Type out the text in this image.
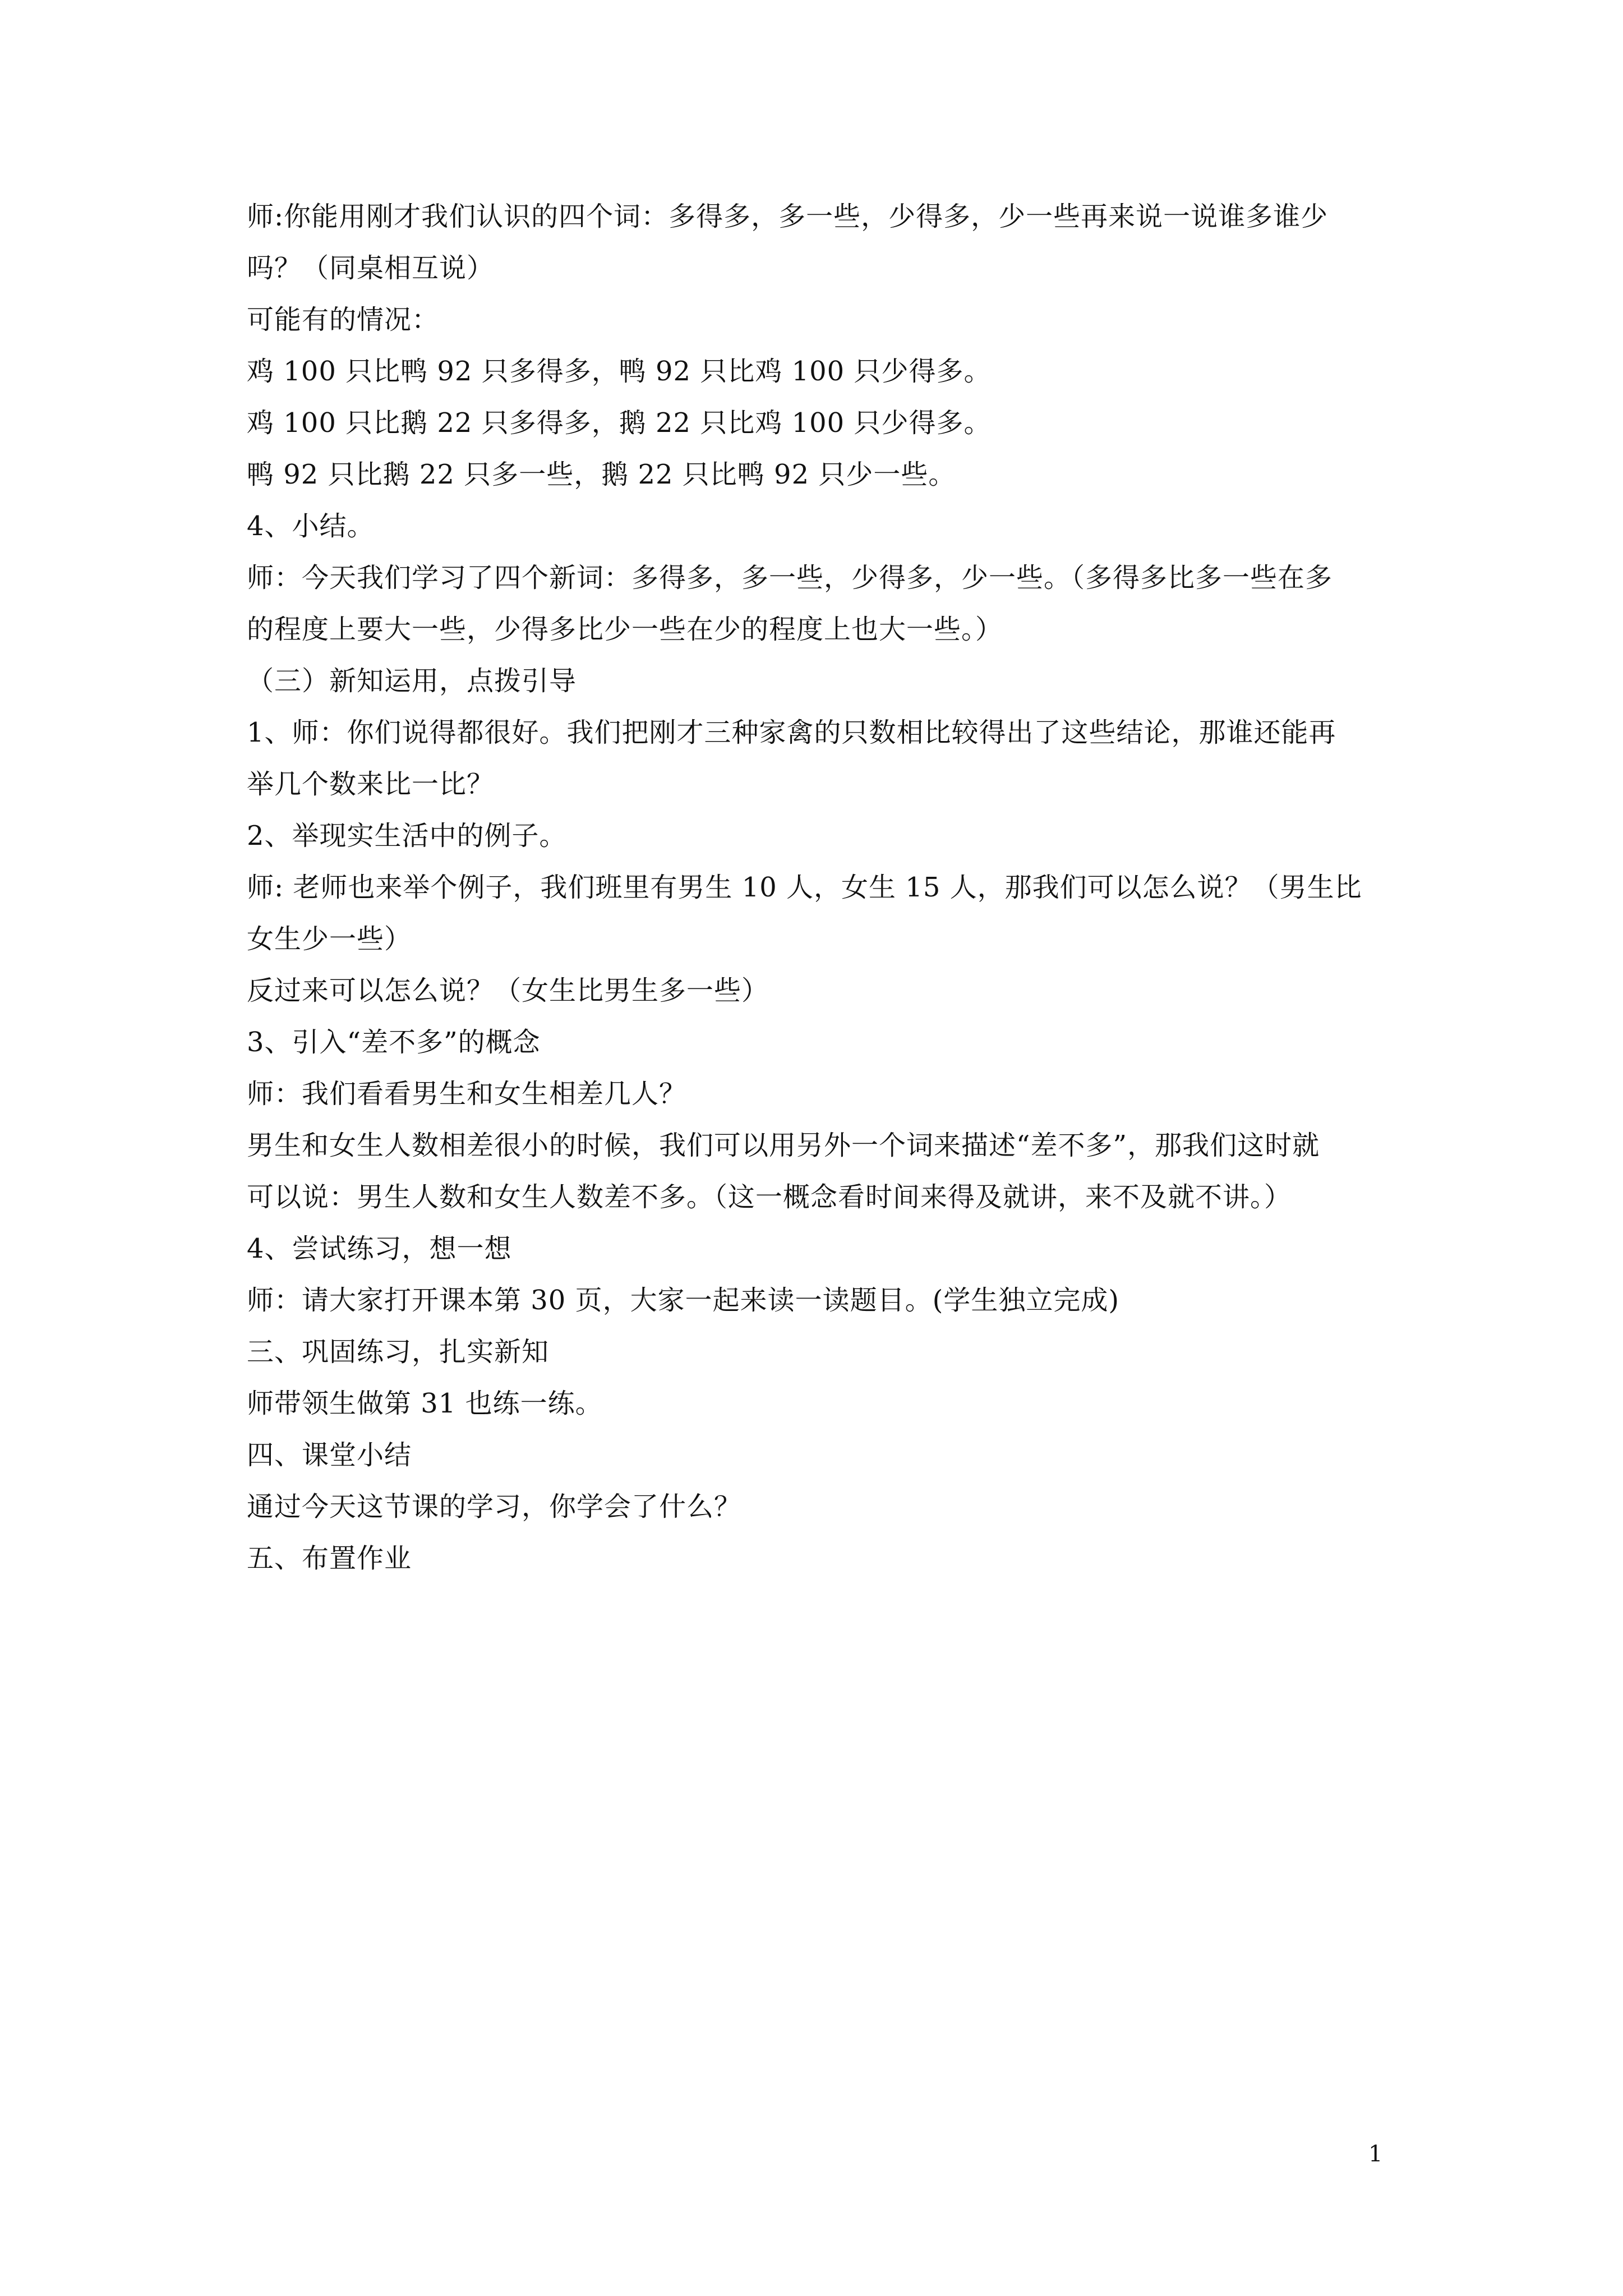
师:你能用刚才我们认识的四个词：多得多，多一些，少得多，少一些再来说一说谁多谁少
吗？（同桌相互说）
可能有的情况：
鸡 100 只比鸭 92 只多得多，鸭 92 只比鸡 100 只少得多。
鸡 100 只比鹅 22 只多得多，鹅 22 只比鸡 100 只少得多。
鸭 92 只比鹅 22 只多一些，鹅 22 只比鸭 92 只少一些。
4、小结。
师：今天我们学习了四个新词：多得多，多一些，少得多，少一些。（多得多比多一些在多
的程度上要大一些，少得多比少一些在少的程度上也大一些。）
（三）新知运用，点拨引导
1、师：你们说得都很好。我们把刚才三种家禽的只数相比较得出了这些结论，那谁还能再
举几个数来比一比？
2、举现实生活中的例子。
师: 老师也来举个例子，我们班里有男生 10 人，女生 15 人，那我们可以怎么说？（男生比
女生少一些）
反过来可以怎么说？（女生比男生多一些）
3、引入“差不多”的概念
师：我们看看男生和女生相差几人？
男生和女生人数相差很小的时候，我们可以用另外一个词来描述“差不多”，那我们这时就
可以说：男生人数和女生人数差不多。（这一概念看时间来得及就讲，来不及就不讲。）
4、尝试练习，想一想
师：请大家打开课本第 30 页，大家一起来读一读题目。(学生独立完成)
三、巩固练习，扎实新知
师带领生做第 31 也练一练。
四、课堂小结
通过今天这节课的学习，你学会了什么？
五、布置作业
1
